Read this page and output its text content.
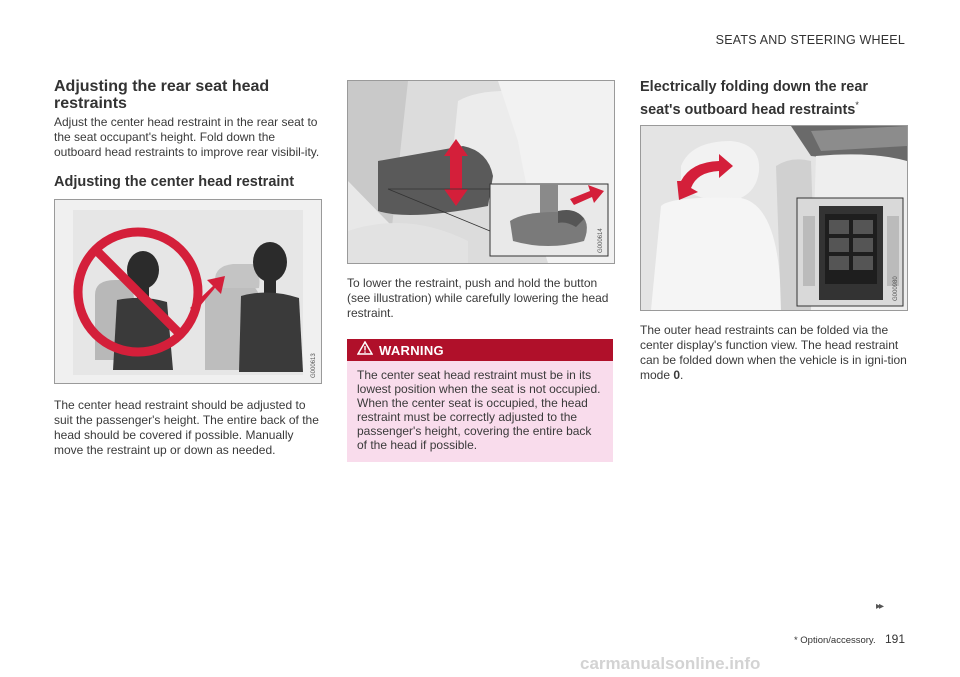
SEATS AND STEERING WHEEL
Adjusting the rear seat head restraints

Adjust the center head restraint in the rear seat to the seat occupant's height. Fold down the outboard head restraints to improve rear visibil-ity.

Adjusting the center head restraint
G000613

The center head restraint should be adjusted to suit the passenger's height. The entire back of the head should be covered if possible. Manually move the restraint up or down as needed.

G000614

To lower the restraint, push and hold the button (see illustration) while carefully lowering the head restraint.

WARNING
The center seat head restraint must be in its lowest position when the seat is not occupied. When the center seat is occupied, the head restraint must be correctly adjusted to the passenger's height, covering the entire back of the head if possible.
Electrically folding down the rear seat's outboard head restraints*
G000980

The outer head restraints can be folded via the center display's function view. The head restraint can be folded down when the vehicle is in igni-tion mode 0.

▸▸
* Option/accessory. 191
carmanualsonline.info
